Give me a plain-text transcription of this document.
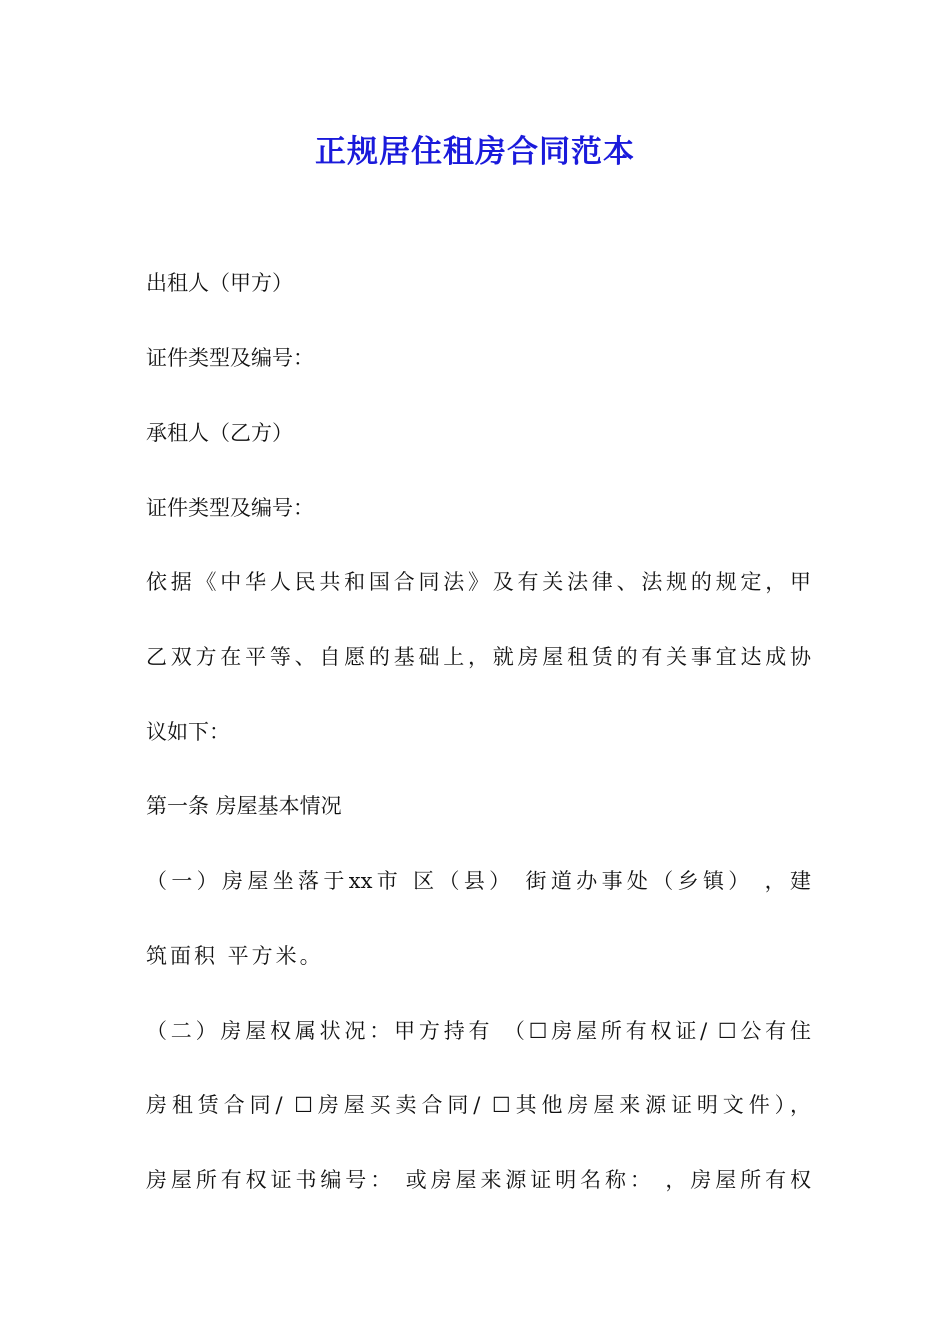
正规居住租房合同范本

出租人（甲方）

证件类型及编号：

承租人（乙方）

证件类型及编号：

依据《中华人民共和国合同法》及有关法律、法规的规定，甲

乙双方在平等、自愿的基础上，就房屋租赁的有关事宜达成协

议如下：

第一条 房屋基本情况

（一）房屋坐落于xx市 区（县） 街道办事处（乡镇） ，建

筑面积 平方米。

（二）房屋权属状况：甲方持有 （☐房屋所有权证/ ☐公有住

房租赁合同/ ☐房屋买卖合同/ ☐其他房屋来源证明文件），

房屋所有权证书编号： 或房屋来源证明名称： ，房屋所有权
